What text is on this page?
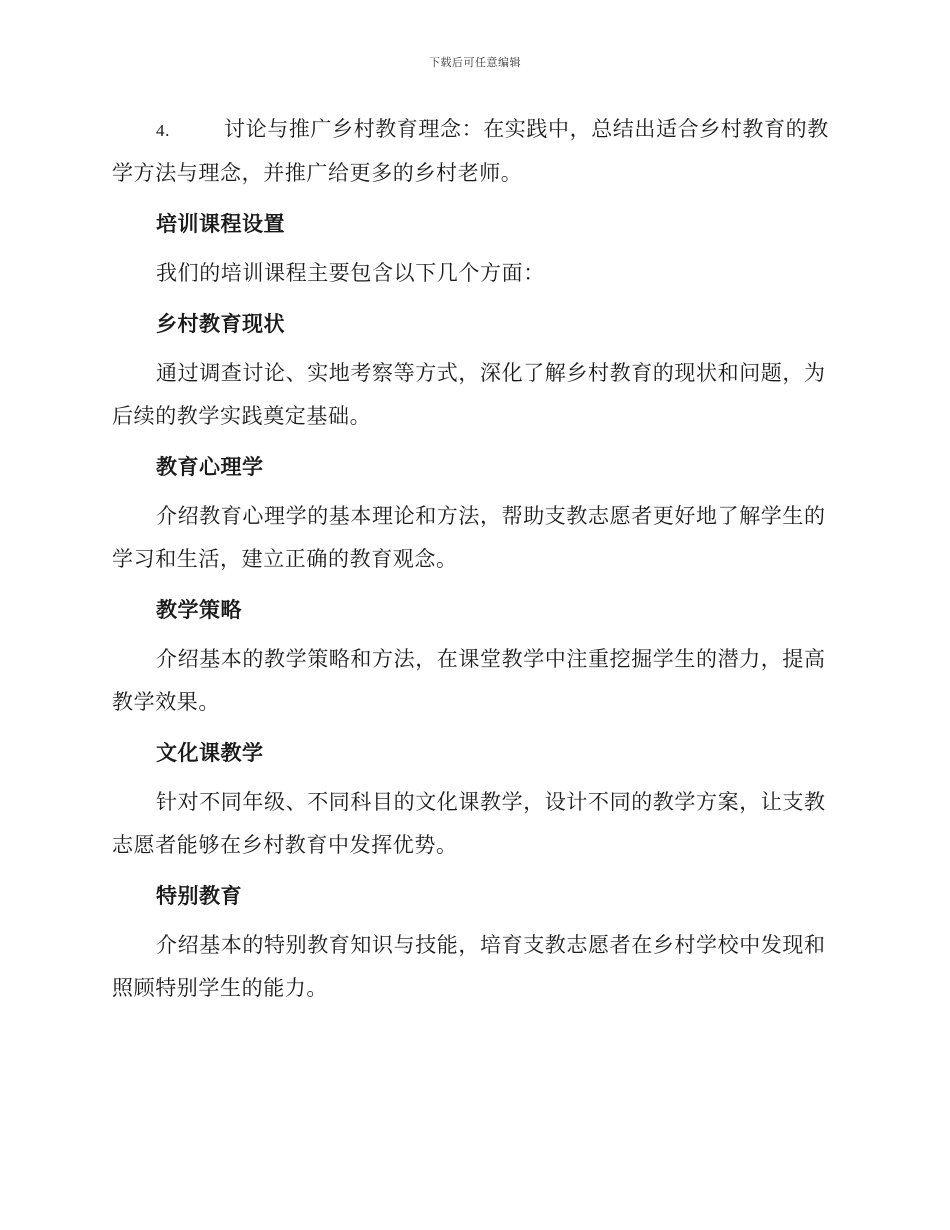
下载后可任意编辑

4.	讨论与推广乡村教育理念：在实践中，总结出适合乡村教育的教学方法与理念，并推广给更多的乡村老师。

培训课程设置

我们的培训课程主要包含以下几个方面：

乡村教育现状

通过调查讨论、实地考察等方式，深化了解乡村教育的现状和问题，为后续的教学实践奠定基础。

教育心理学

介绍教育心理学的基本理论和方法，帮助支教志愿者更好地了解学生的学习和生活，建立正确的教育观念。

教学策略

介绍基本的教学策略和方法，在课堂教学中注重挖掘学生的潜力，提高教学效果。

文化课教学

针对不同年级、不同科目的文化课教学，设计不同的教学方案，让支教志愿者能够在乡村教育中发挥优势。

特别教育

介绍基本的特别教育知识与技能，培育支教志愿者在乡村学校中发现和照顾特别学生的能力。
